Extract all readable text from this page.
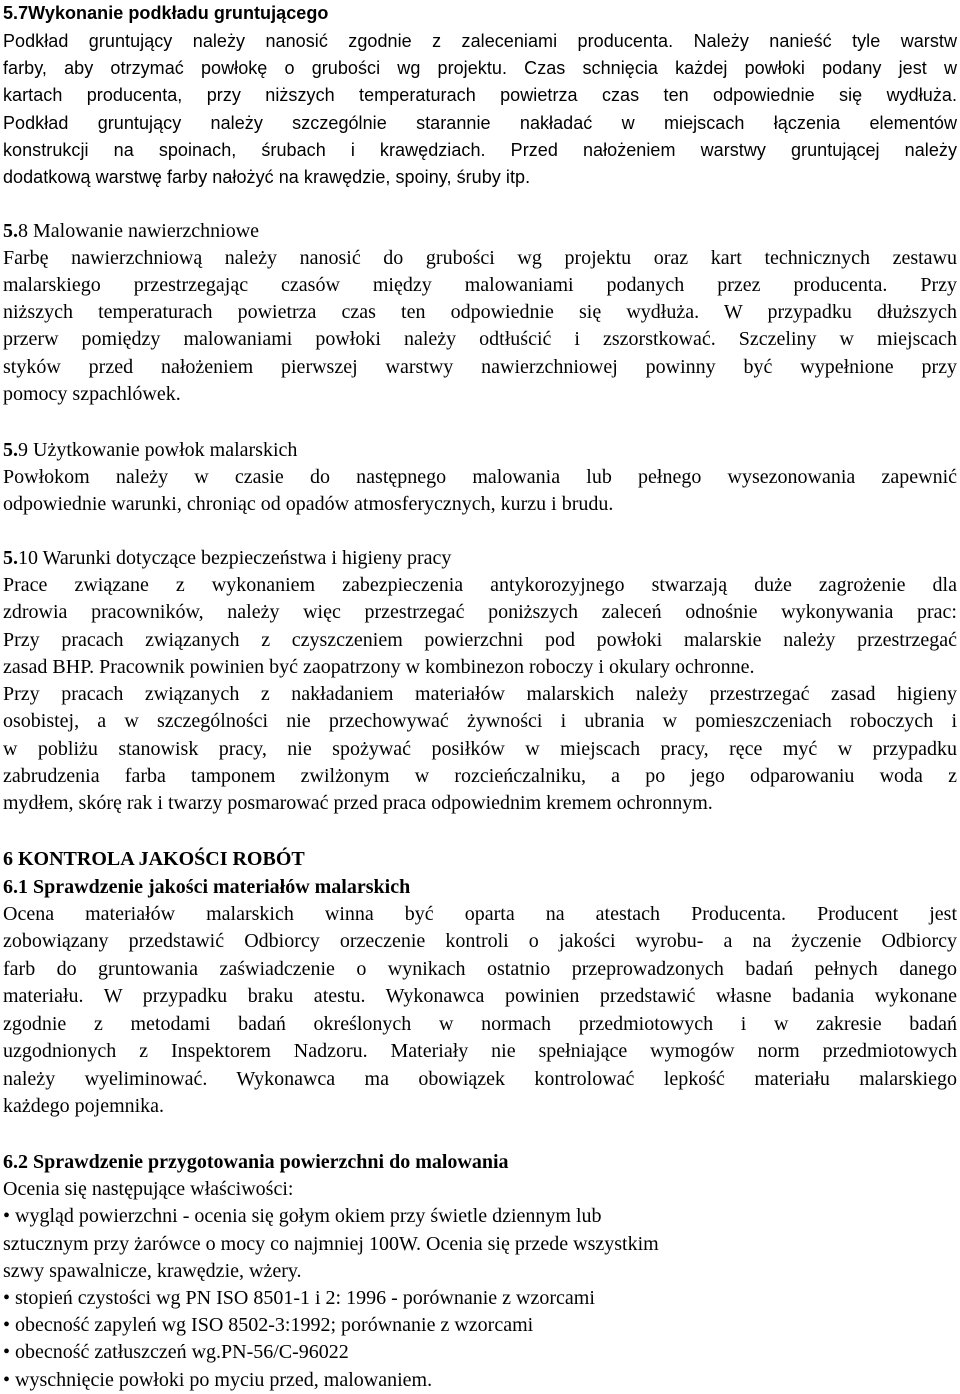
5.7Wykonanie podkładu gruntującego
Podkład gruntujący należy nanosić zgodnie z zaleceniami producenta. Należy nanieść tyle warstw
farby, aby otrzymać powłokę o grubości wg projektu. Czas schnięcia każdej powłoki podany jest w
kartach producenta, przy niższych temperaturach powietrza czas ten odpowiednie się wydłuża.
Podkład gruntujący należy szczególnie starannie nakładać w miejscach łączenia elementów
konstrukcji na spoinach, śrubach i krawędziach. Przed nałożeniem warstwy gruntującej należy
dodatkową warstwę farby nałożyć na krawędzie, spoiny, śruby itp.
5.8 Malowanie nawierzchniowe
Farbę nawierzchniową należy nanosić do grubości wg projektu oraz kart technicznych zestawu
malarskiego przestrzegając czasów między malowaniami podanych przez producenta. Przy
niższych temperaturach powietrza czas ten odpowiednie się wydłuża. W przypadku dłuższych
przerw pomiędzy malowaniami powłoki należy odtłuścić i zszorstkować. Szczeliny w miejscach
styków przed nałożeniem pierwszej warstwy nawierzchniowej powinny być wypełnione przy
pomocy szpachlówek.
5.9 Użytkowanie powłok malarskich
Powłokom należy w czasie do następnego malowania lub pełnego wysezonowania zapewnić
odpowiednie warunki, chroniąc od opadów atmosferycznych, kurzu i brudu.
5.10 Warunki dotyczące bezpieczeństwa i higieny pracy
Prace związane z wykonaniem zabezpieczenia antykorozyjnego stwarzają duże zagrożenie dla
zdrowia pracowników, należy więc przestrzegać poniższych zaleceń odnośnie wykonywania prac:
Przy pracach związanych z czyszczeniem powierzchni pod powłoki malarskie należy przestrzegać
zasad BHP. Pracownik powinien być zaopatrzony w kombinezon roboczy i okulary ochronne.
Przy pracach związanych z nakładaniem materiałów malarskich należy przestrzegać zasad higieny
osobistej, a w szczególności nie przechowywać żywności i ubrania w pomieszczeniach roboczych i
w pobliżu stanowisk pracy, nie spożywać posiłków w miejscach pracy, ręce myć w przypadku
zabrudzenia farba tamponem zwilżonym w rozcieńczalniku, a po jego odparowaniu woda z
mydłem, skórę rak i twarzy posmarować przed praca odpowiednim kremem ochronnym.
6 KONTROLA JAKOŚCI ROBÓT
6.1 Sprawdzenie jakości materiałów malarskich
Ocena materiałów malarskich winna być oparta na atestach Producenta. Producent jest
zobowiązany przedstawić Odbiorcy orzeczenie kontroli o jakości wyrobu- a na życzenie Odbiorcy
farb do gruntowania zaświadczenie o wynikach ostatnio przeprowadzonych badań pełnych danego
materiału. W przypadku braku atestu. Wykonawca powinien przedstawić własne badania wykonane
zgodnie z metodami badań określonych w normach przedmiotowych i w zakresie badań
uzgodnionych z Inspektorem Nadzoru. Materiały nie spełniające wymogów norm przedmiotowych
należy wyeliminować. Wykonawca ma obowiązek kontrolować lepkość materiału malarskiego
każdego pojemnika.
6.2 Sprawdzenie przygotowania powierzchni do malowania
Ocenia się następujące właściwości:
• wygląd powierzchni - ocenia się gołym okiem przy świetle dziennym lub
sztucznym przy żarówce o mocy co najmniej 100W. Ocenia się przede wszystkim
szwy spawalnicze, krawędzie, wżery.
• stopień czystości wg PN ISO 8501-1 i 2: 1996 - porównanie z wzorcami
• obecność zapyleń wg ISO 8502-3:1992; porównanie z wzorcami
• obecność zatłuszczeń wg.PN-56/C-96022
• wyschnięcie powłoki po myciu przed, malowaniem.
